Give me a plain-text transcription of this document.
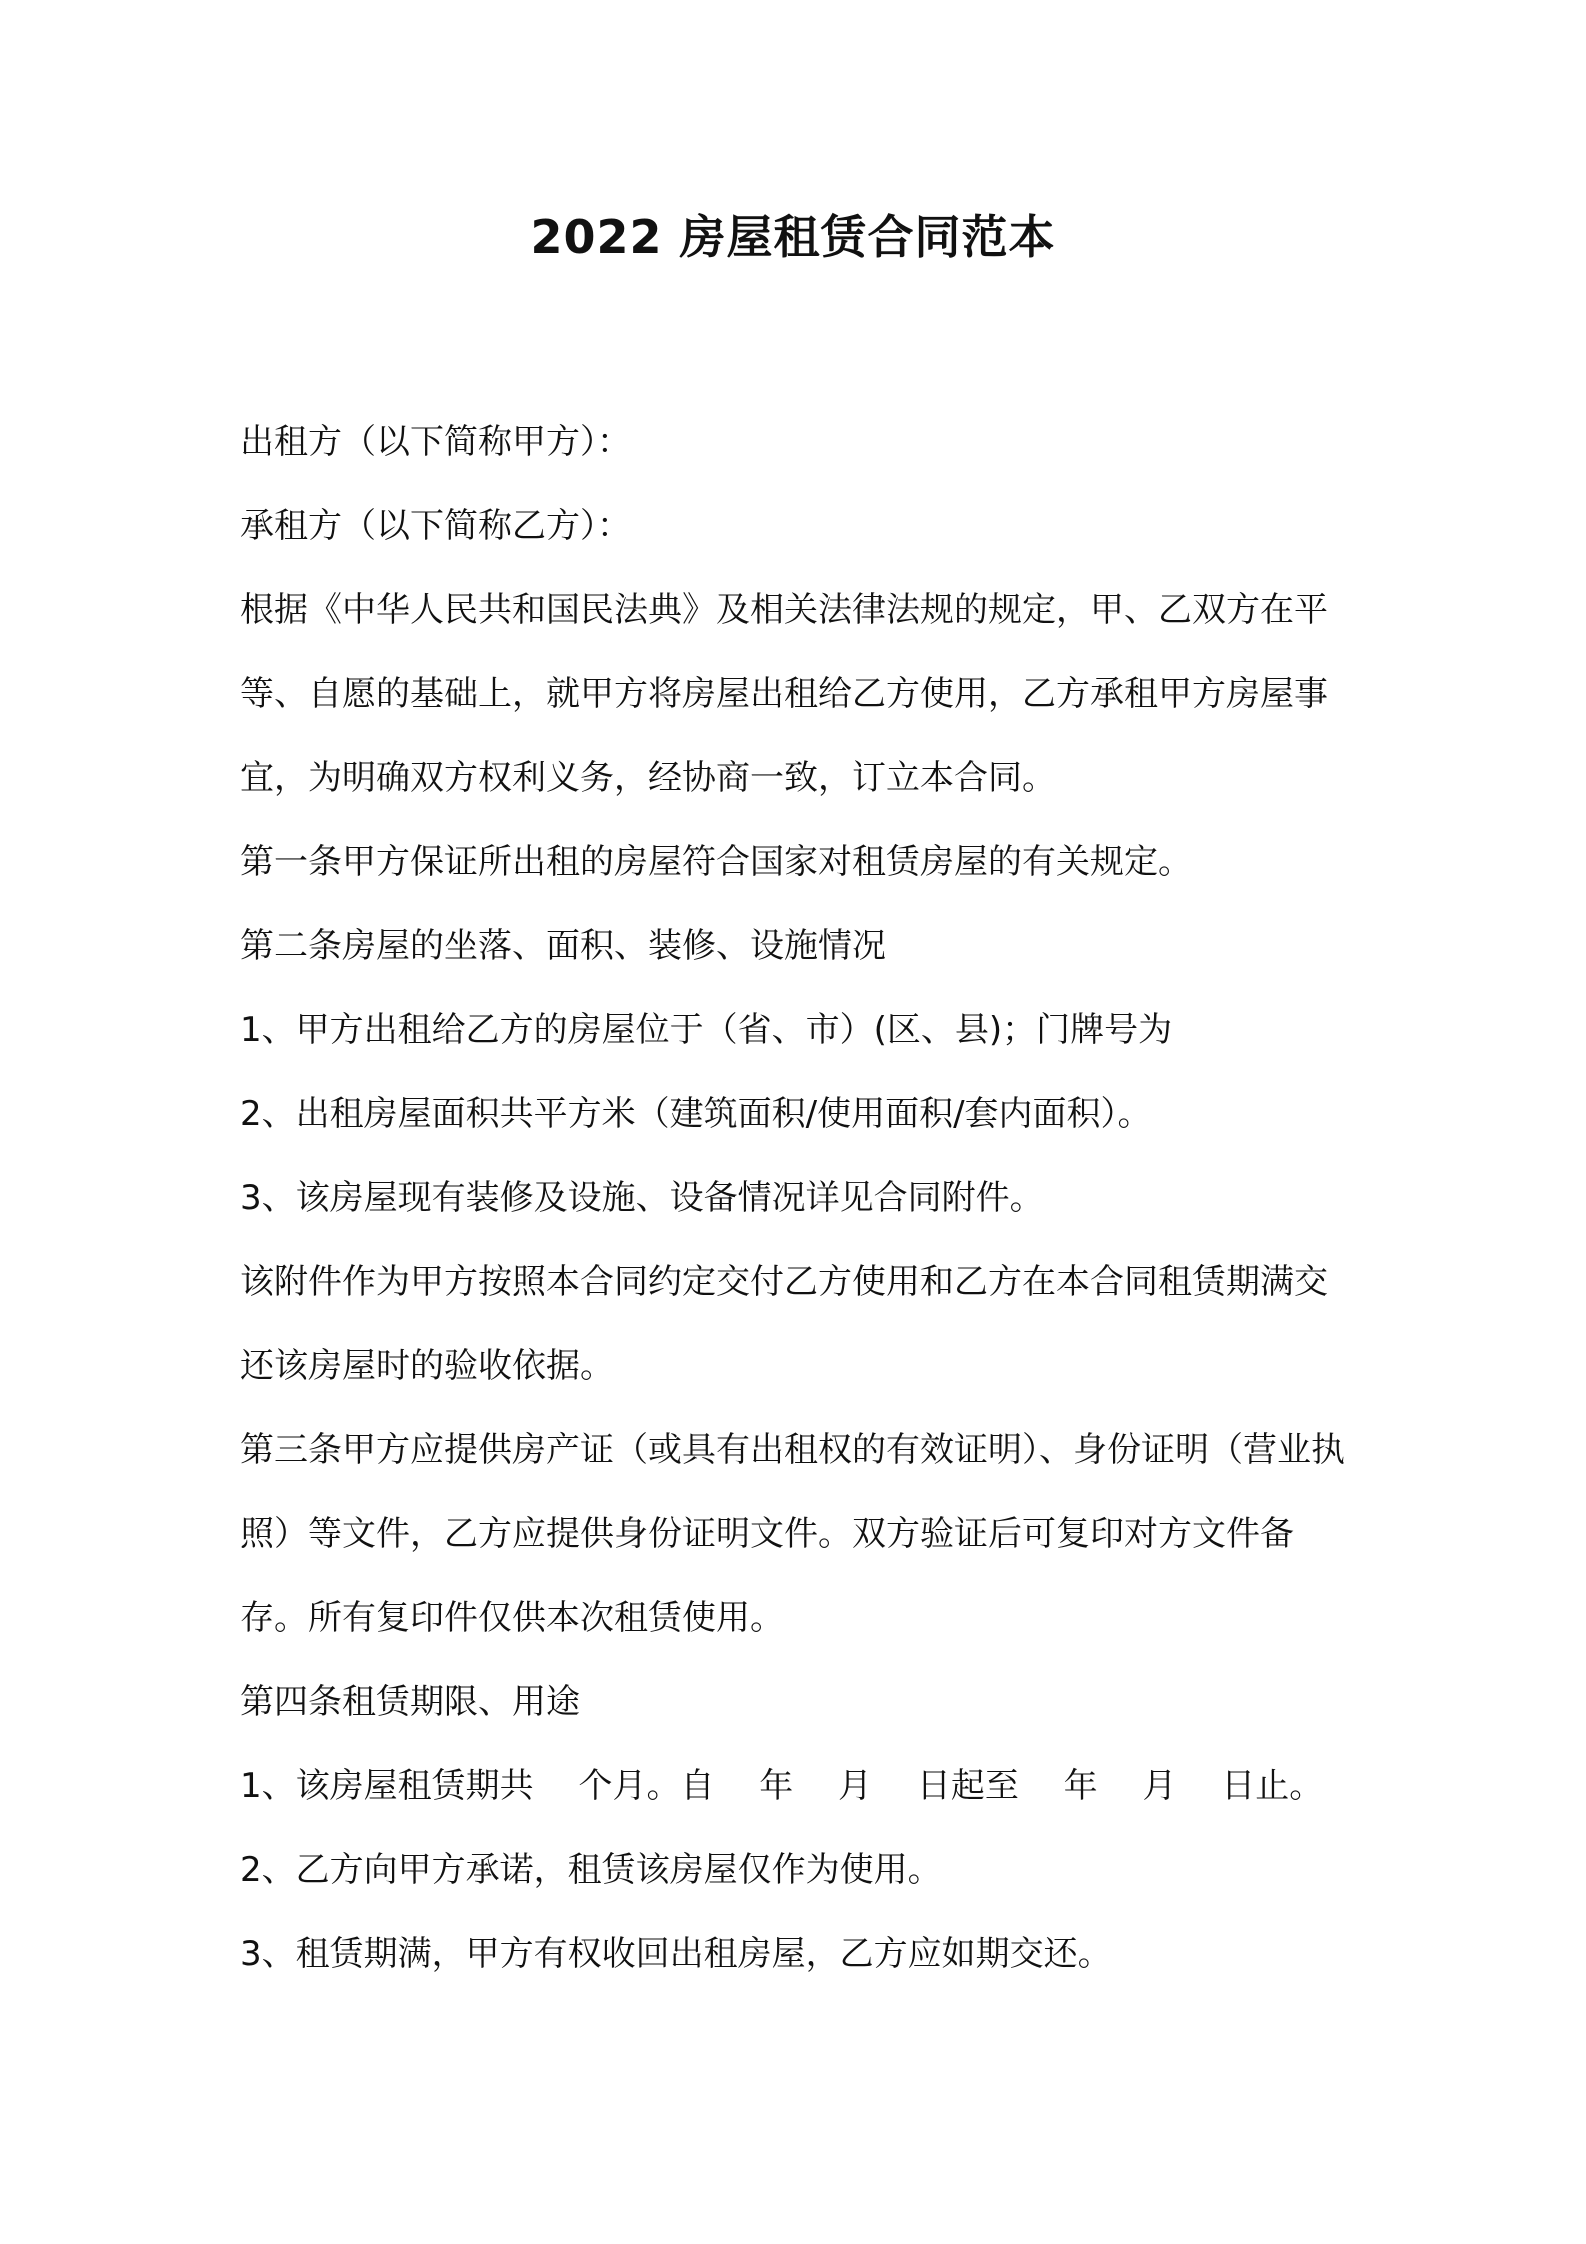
2022 房屋租赁合同范本

出租方（以下简称甲方）：

承租方（以下简称乙方）：

根据《中华人民共和国民法典》及相关法律法规的规定，甲、乙双方在平等、自愿的基础上，就甲方将房屋出租给乙方使用，乙方承租甲方房屋事宜，为明确双方权利义务，经协商一致，订立本合同。

第一条甲方保证所出租的房屋符合国家对租赁房屋的有关规定。

第二条房屋的坐落、面积、装修、设施情况

1、甲方出租给乙方的房屋位于（省、市）(区、县)；门牌号为

2、出租房屋面积共平方米（建筑面积/使用面积/套内面积）。

3、该房屋现有装修及设施、设备情况详见合同附件。

该附件作为甲方按照本合同约定交付乙方使用和乙方在本合同租赁期满交还该房屋时的验收依据。

第三条甲方应提供房产证（或具有出租权的有效证明）、身份证明（营业执照）等文件，乙方应提供身份证明文件。双方验证后可复印对方文件备存。所有复印件仅供本次租赁使用。

第四条租赁期限、用途

1、该房屋租赁期共　 个月。自　 年　 月　 日起至　 年　 月　 日止。

2、乙方向甲方承诺，租赁该房屋仅作为使用。

3、租赁期满，甲方有权收回出租房屋，乙方应如期交还。
